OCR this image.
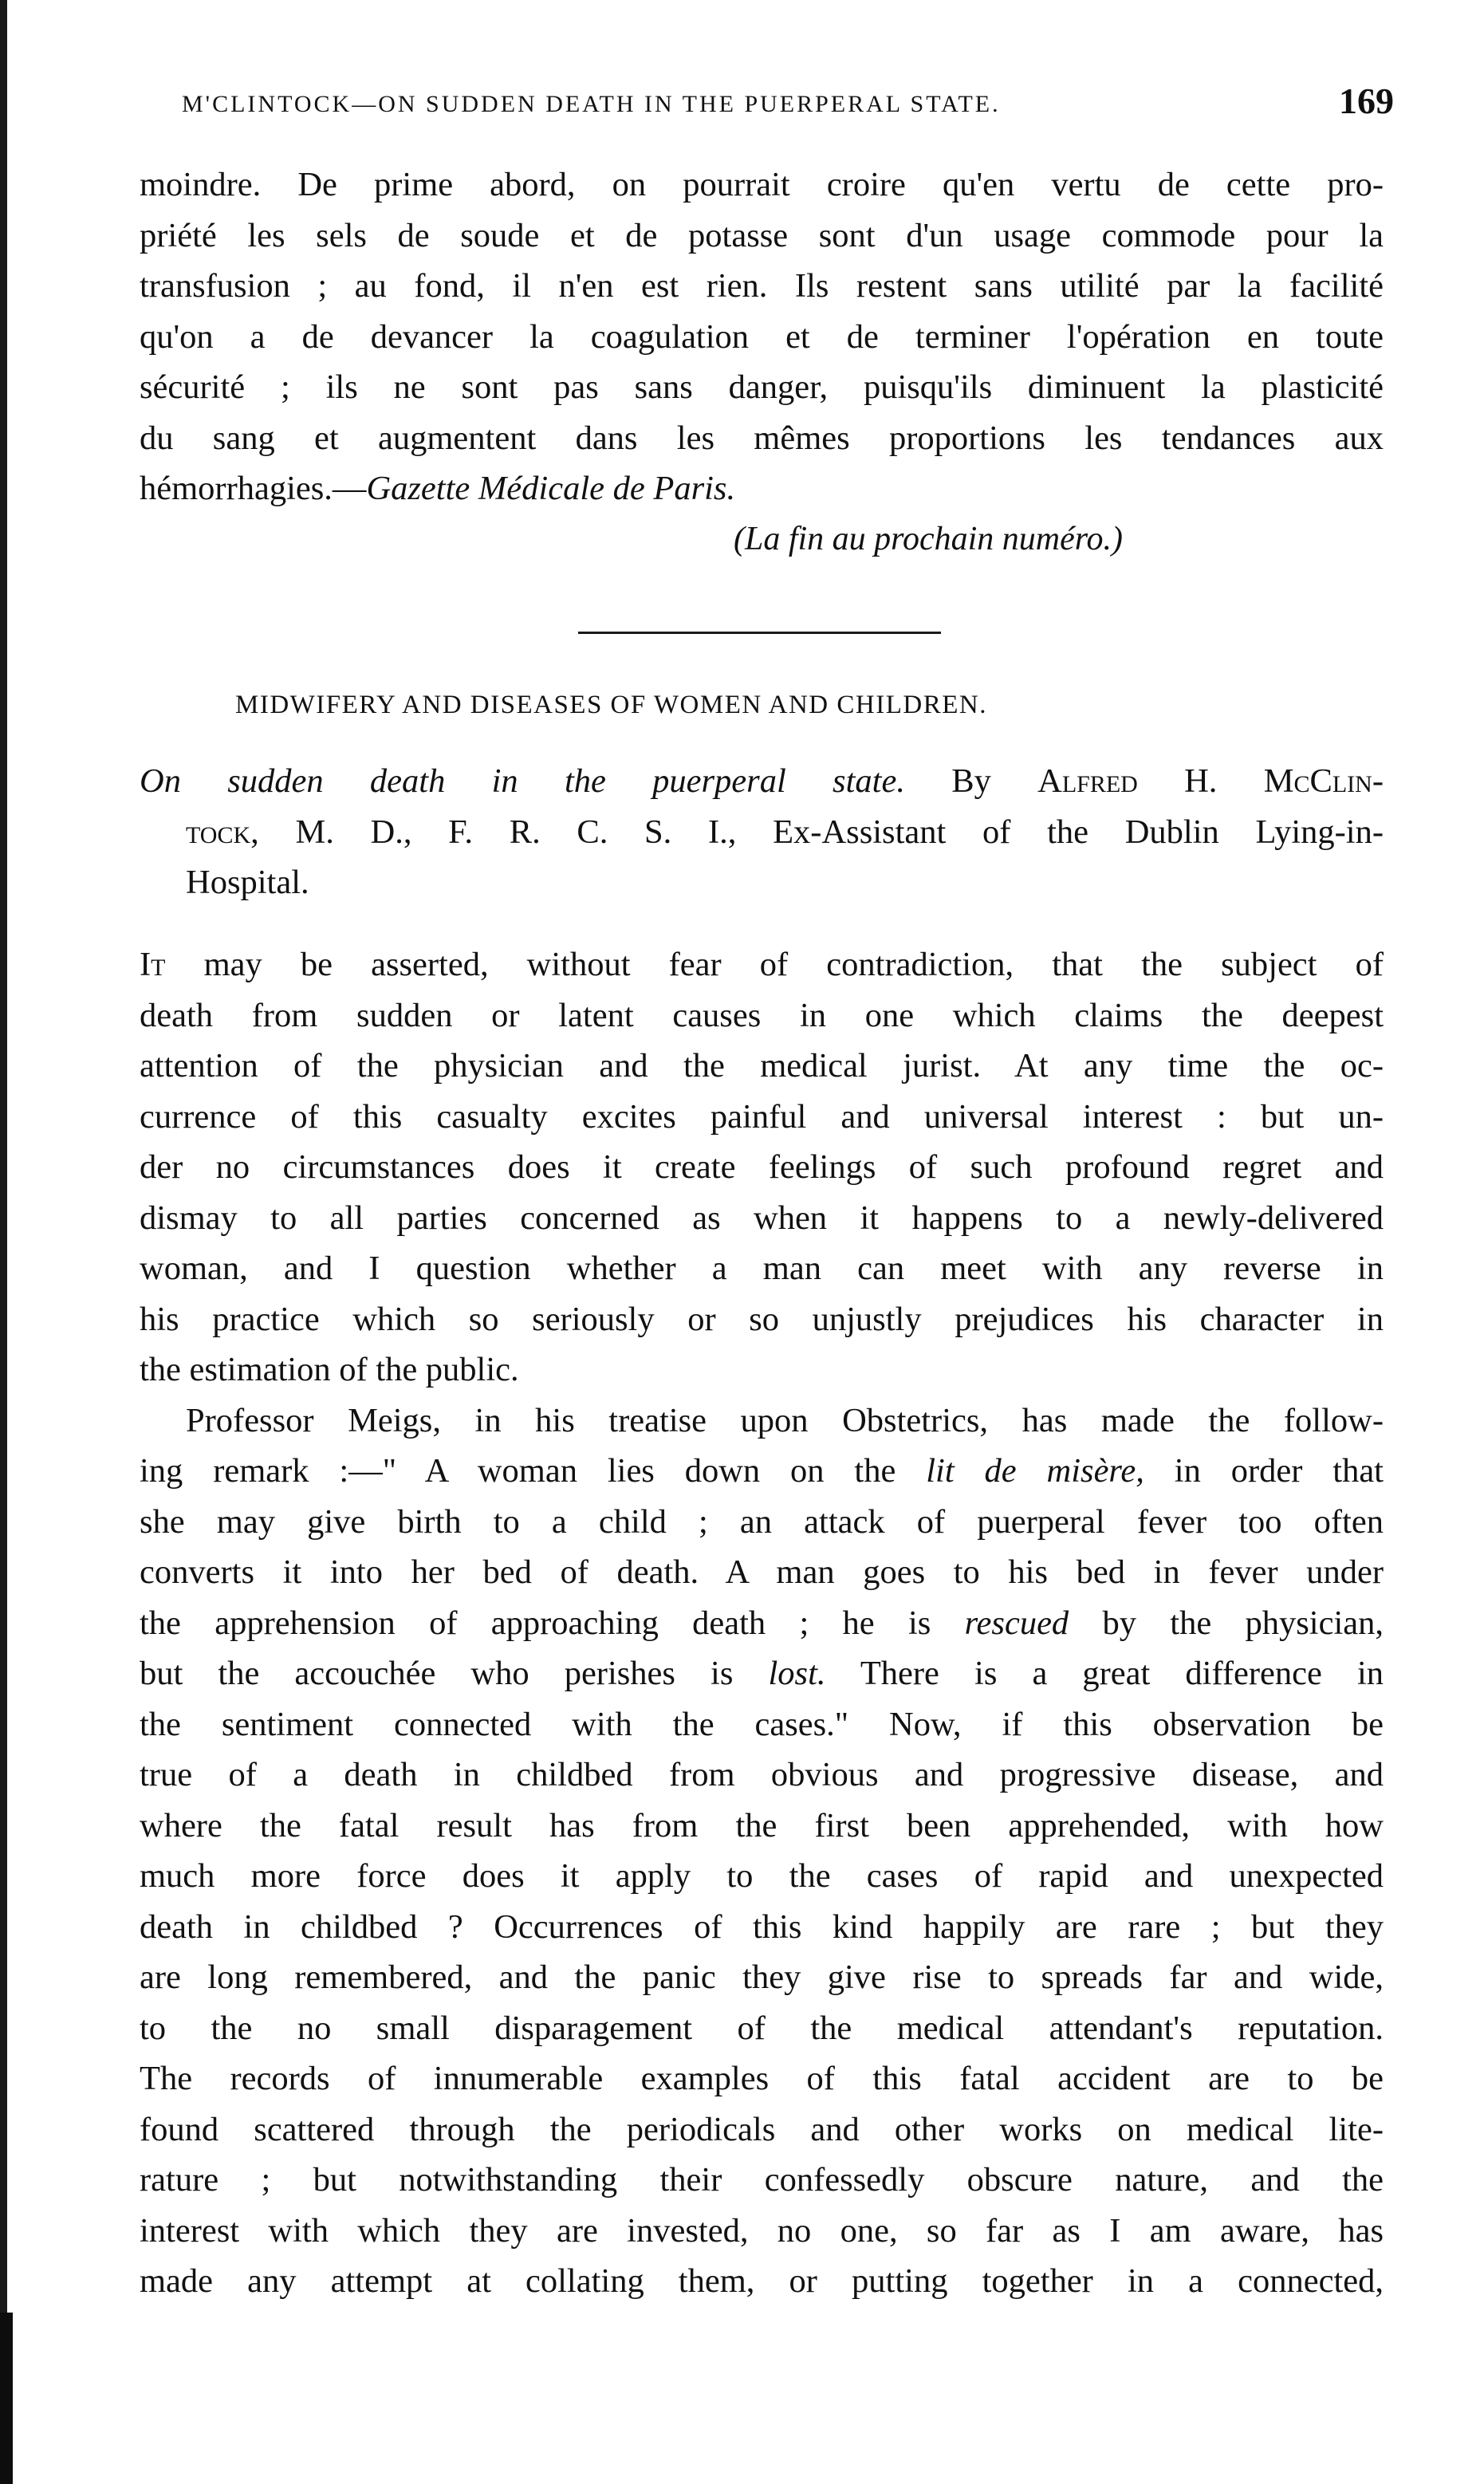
M'CLINTOCK—ON SUDDEN DEATH IN THE PUERPERAL STATE.	169
moindre. De prime abord, on pourrait croire qu'en vertu de cette pro-
priété les sels de soude et de potasse sont d'un usage commode pour la
transfusion ; au fond, il n'en est rien. Ils restent sans utilité par la facilité
qu'on a de devancer la coagulation et de terminer l'opération en toute
sécurité ; ils ne sont pas sans danger, puisqu'ils diminuent la plasticité
du sang et augmentent dans les mêmes proportions les tendances aux
hémorrhagies.—Gazette Médicale de Paris.
(La fin au prochain numéro.)
MIDWIFERY AND DISEASES OF WOMEN AND CHILDREN.
On sudden death in the puerperal state. By Alfred H. McClin-
tock, M. D., F. R. C. S. I., Ex-Assistant of the Dublin Lying-in-
Hospital.
It may be asserted, without fear of contradiction, that the subject of
death from sudden or latent causes in one which claims the deepest
attention of the physician and the medical jurist. At any time the oc-
currence of this casualty excites painful and universal interest : but un-
der no circumstances does it create feelings of such profound regret and
dismay to all parties concerned as when it happens to a newly-delivered
woman, and I question whether a man can meet with any reverse in
his practice which so seriously or so unjustly prejudices his character in
the estimation of the public.
Professor Meigs, in his treatise upon Obstetrics, has made the follow-
ing remark :—" A woman lies down on the lit de misère, in order that
she may give birth to a child ; an attack of puerperal fever too often
converts it into her bed of death. A man goes to his bed in fever under
the apprehension of approaching death ; he is rescued by the physician,
but the accouchée who perishes is lost. There is a great difference in
the sentiment connected with the cases." Now, if this observation be
true of a death in childbed from obvious and progressive disease, and
where the fatal result has from the first been apprehended, with how
much more force does it apply to the cases of rapid and unexpected
death in childbed ? Occurrences of this kind happily are rare ; but they
are long remembered, and the panic they give rise to spreads far and wide,
to the no small disparagement of the medical attendant's reputation.
The records of innumerable examples of this fatal accident are to be
found scattered through the periodicals and other works on medical lite-
rature ; but notwithstanding their confessedly obscure nature, and the
interest with which they are invested, no one, so far as I am aware, has
made any attempt at collating them, or putting together in a connected,
